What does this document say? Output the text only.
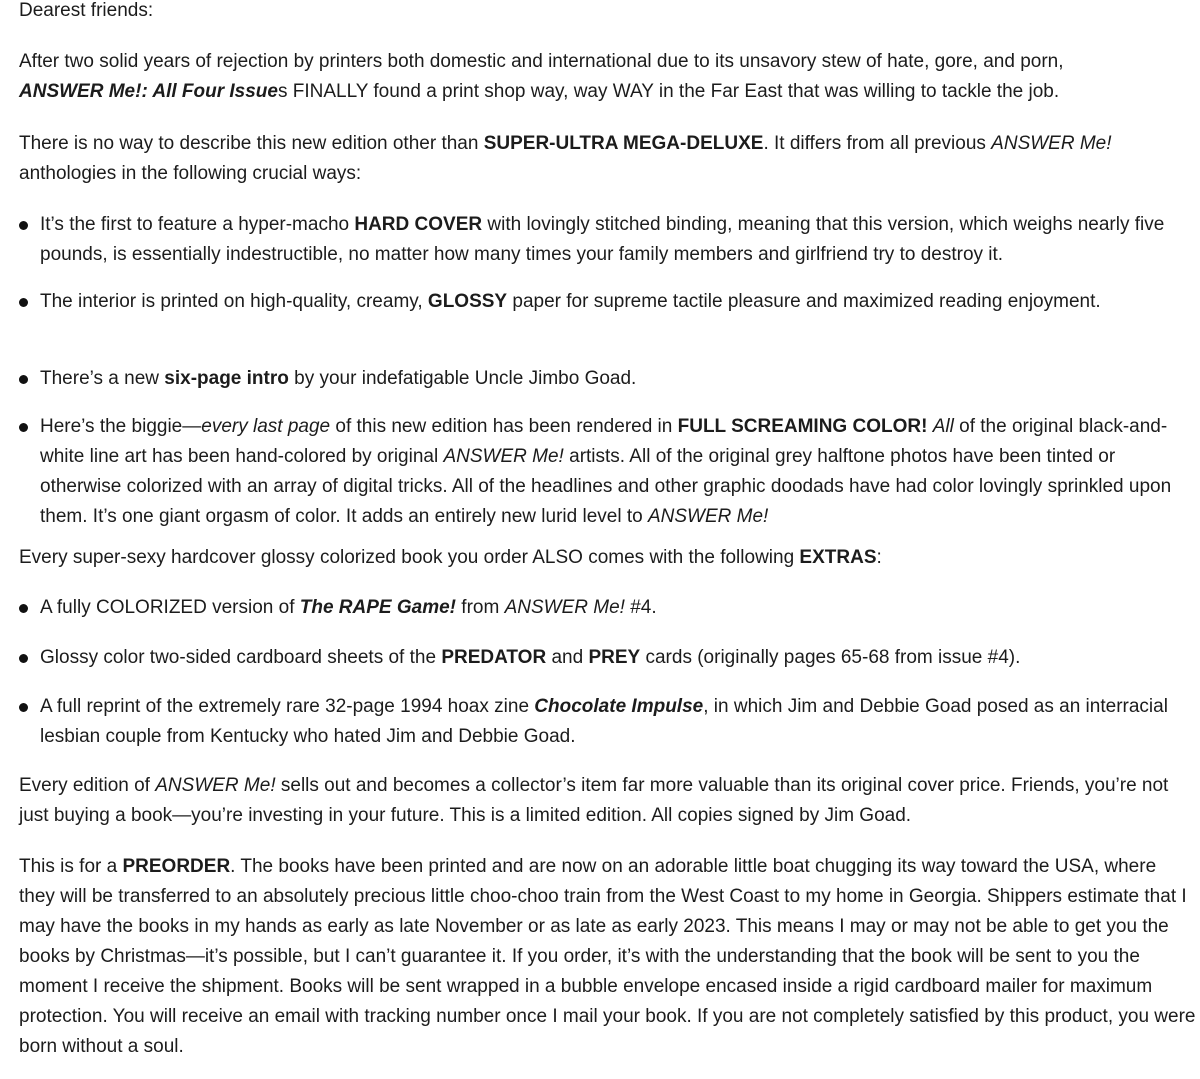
Dearest friends:

After two solid years of rejection by printers both domestic and international due to its unsavory stew of hate, gore, and porn,
ANSWER Me!: All Four Issues FINALLY found a print shop way, way WAY in the Far East that was willing to tackle the job.

There is no way to describe this new edition other than SUPER-ULTRA MEGA-DELUXE. It differs from all previous ANSWER Me! anthologies in the following crucial ways:

It’s the first to feature a hyper-macho HARD COVER with lovingly stitched binding, meaning that this version, which weighs nearly five pounds, is essentially indestructible, no matter how many times your family members and girlfriend try to destroy it.
The interior is printed on high-quality, creamy, GLOSSY paper for supreme tactile pleasure and maximized reading enjoyment.
There’s a new six-page intro by your indefatigable Uncle Jimbo Goad.
Here’s the biggie—every last page of this new edition has been rendered in FULL SCREAMING COLOR! All of the original black-and-white line art has been hand-colored by original ANSWER Me! artists. All of the original grey halftone photos have been tinted or otherwise colorized with an array of digital tricks. All of the headlines and other graphic doodads have had color lovingly sprinkled upon them. It’s one giant orgasm of color. It adds an entirely new lurid level to ANSWER Me!

Every super-sexy hardcover glossy colorized book you order ALSO comes with the following EXTRAS:

A fully COLORIZED version of The RAPE Game! from ANSWER Me! #4.
Glossy color two-sided cardboard sheets of the PREDATOR and PREY cards (originally pages 65-68 from issue #4).
A full reprint of the extremely rare 32-page 1994 hoax zine Chocolate Impulse, in which Jim and Debbie Goad posed as an interracial lesbian couple from Kentucky who hated Jim and Debbie Goad.

Every edition of ANSWER Me! sells out and becomes a collector’s item far more valuable than its original cover price. Friends, you’re not just buying a book—you’re investing in your future. This is a limited edition. All copies signed by Jim Goad.

This is for a PREORDER. The books have been printed and are now on an adorable little boat chugging its way toward the USA, where they will be transferred to an absolutely precious little choo-choo train from the West Coast to my home in Georgia. Shippers estimate that I may have the books in my hands as early as late November or as late as early 2023. This means I may or may not be able to get you the books by Christmas—it’s possible, but I can’t guarantee it. If you order, it’s with the understanding that the book will be sent to you the moment I receive the shipment. Books will be sent wrapped in a bubble envelope encased inside a rigid cardboard mailer for maximum protection. You will receive an email with tracking number once I mail your book. If you are not completely satisfied by this product, you were born without a soul.
